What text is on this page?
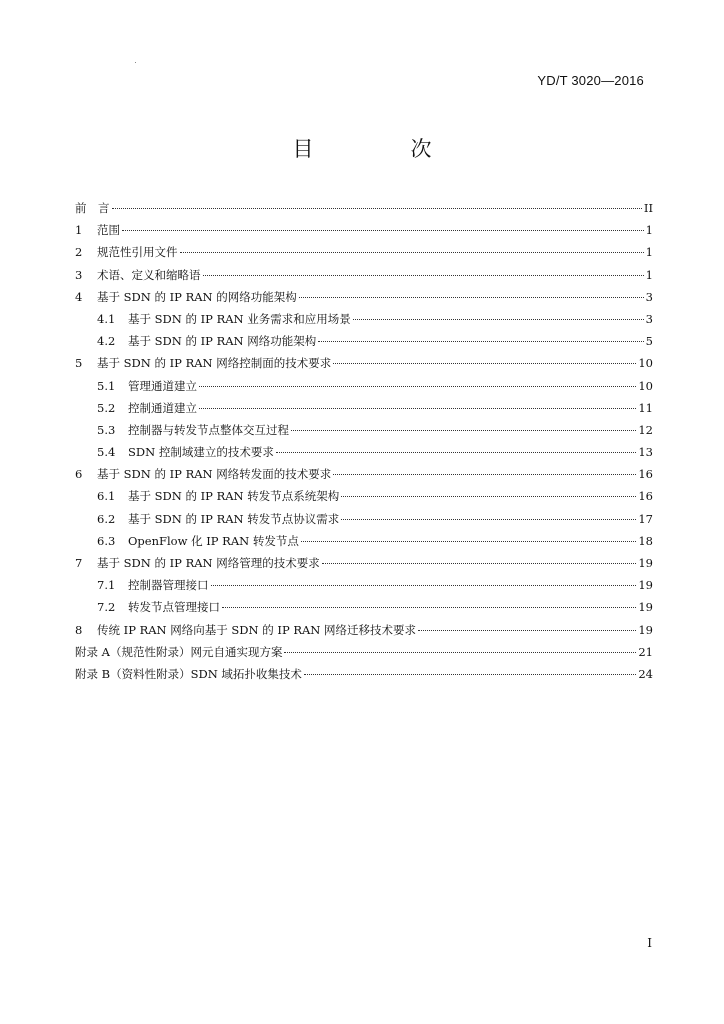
YD/T 3020—2016
目　次
前　言	II
1	范围	1
2	规范性引用文件	1
3	术语、定义和缩略语	1
4	基于 SDN 的 IP RAN 的网络功能架构	3
4.1	基于 SDN 的 IP RAN 业务需求和应用场景	3
4.2	基于 SDN 的 IP RAN 网络功能架构	5
5	基于 SDN 的 IP RAN 网络控制面的技术要求	10
5.1	管理通道建立	10
5.2	控制通道建立	11
5.3	控制器与转发节点整体交互过程	12
5.4	SDN 控制域建立的技术要求	13
6	基于 SDN 的 IP RAN 网络转发面的技术要求	16
6.1	基于 SDN 的 IP RAN 转发节点系统架构	16
6.2	基于 SDN 的 IP RAN 转发节点协议需求	17
6.3	OpenFlow 化 IP RAN 转发节点	18
7	基于 SDN 的 IP RAN 网络管理的技术要求	19
7.1	控制器管理接口	19
7.2	转发节点管理接口	19
8	传统 IP RAN 网络向基于 SDN 的 IP RAN 网络迁移技术要求	19
附录 A（规范性附录）网元自通实现方案	21
附录 B（资料性附录）SDN 域拓扑收集技术	24
I
